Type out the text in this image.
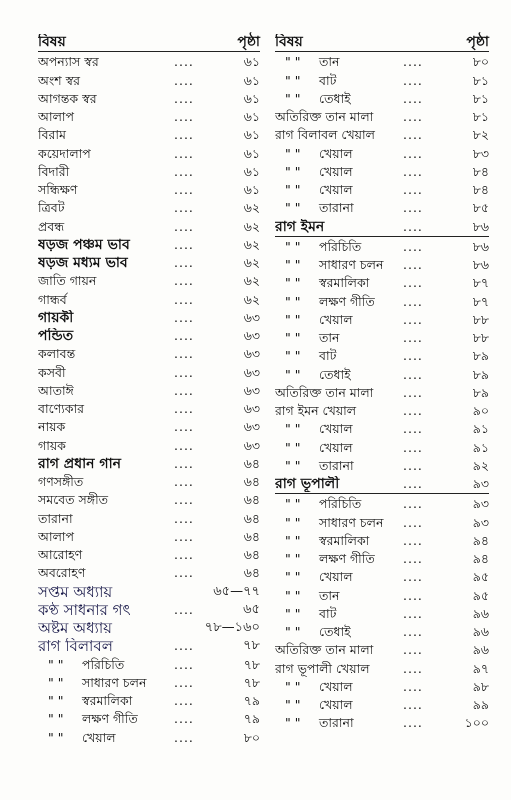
বিষয়	পৃষ্ঠা
অপন্যাস স্বর	....	৬১
অংশ স্বর	....	৬১
আগন্তক স্বর	....	৬১
আলাপ	....	৬১
বিরাম	....	৬১
কয়েদালাপ	....	৬১
বিদারী	....	৬১
সন্ধিক্ষণ	....	৬১
ত্রিবট	....	৬২
প্রবন্ধ	....	৬২
ষড়জ পঞ্চম ভাব	....	৬২
ষড়জ মধ্যম ভাব	....	৬২
জাতি গায়ন	....	৬২
গান্ধর্ব	....	৬২
গায়কী	....	৬৩
পন্ডিত	....	৬৩
কলাবন্ত	....	৬৩
কসবী	....	৬৩
আতাঈ	....	৬৩
বাণ্যেকার	....	৬৩
নায়ক	....	৬৩
গায়ক	....	৬৩
রাগ প্রধান গান	....	৬৪
গণসঙ্গীত	....	৬৪
সমবেত সঙ্গীত	....	৬৪
তারানা	....	৬৪
আলাপ	....	৬৪
আরোহণ	....	৬৪
অবরোহণ	....	৬৪
সপ্তম অধ্যায়	৬৫—৭৭
কণ্ঠ সাধনার গৎ	....	৬৫
অষ্টম অধ্যায়	৭৮—১৬০
রাগ বিলাবল	....	৭৮
" " পরিচিতি	....	৭৮
" " সাধারণ চলন	....	৭৮
" " স্বরমালিকা	....	৭৯
" " লক্ষণ গীতি	....	৭৯
" " খেয়াল	....	৮০
বিষয়	পৃষ্ঠা
" " তান	....	৮০
" " বাট	....	৮১
" " তেধাই	....	৮১
অতিরিক্ত তান মালা	....	৮১
রাগ বিলাবল খেয়াল	....	৮২
" " খেয়াল	....	৮৩
" " খেয়াল	....	৮৪
" " খেয়াল	....	৮৪
" " তারানা	....	৮৫
রাগ ইমন	....	৮৬
" " পরিচিতি	....	৮৬
" " সাধারণ চলন	....	৮৬
" " স্বরমালিকা	....	৮৭
" " লক্ষণ গীতি	....	৮৭
" " খেয়াল	....	৮৮
" " তান	....	৮৮
" " বাট	....	৮৯
" " তেধাই	....	৮৯
অতিরিক্ত তান মালা	....	৮৯
রাগ ইমন খেয়াল	....	৯০
" " খেয়াল	....	৯১
" " খেয়াল	....	৯১
" " তারানা	....	৯২
রাগ ভূপালী	....	৯৩
" " পরিচিতি	....	৯৩
" " সাধারণ চলন	....	৯৩
" " স্বরমালিকা	....	৯৪
" " লক্ষণ গীতি	....	৯৪
" " খেয়াল	....	৯৫
" " তান	....	৯৫
" " বাট	....	৯৬
" " তেধাই	....	৯৬
অতিরিক্ত তান মালা	....	৯৬
রাগ ভূপালী খেয়াল	....	৯৭
" " খেয়াল	....	৯৮
" " খেয়াল	....	৯৯
" " তারানা	....	১০০
